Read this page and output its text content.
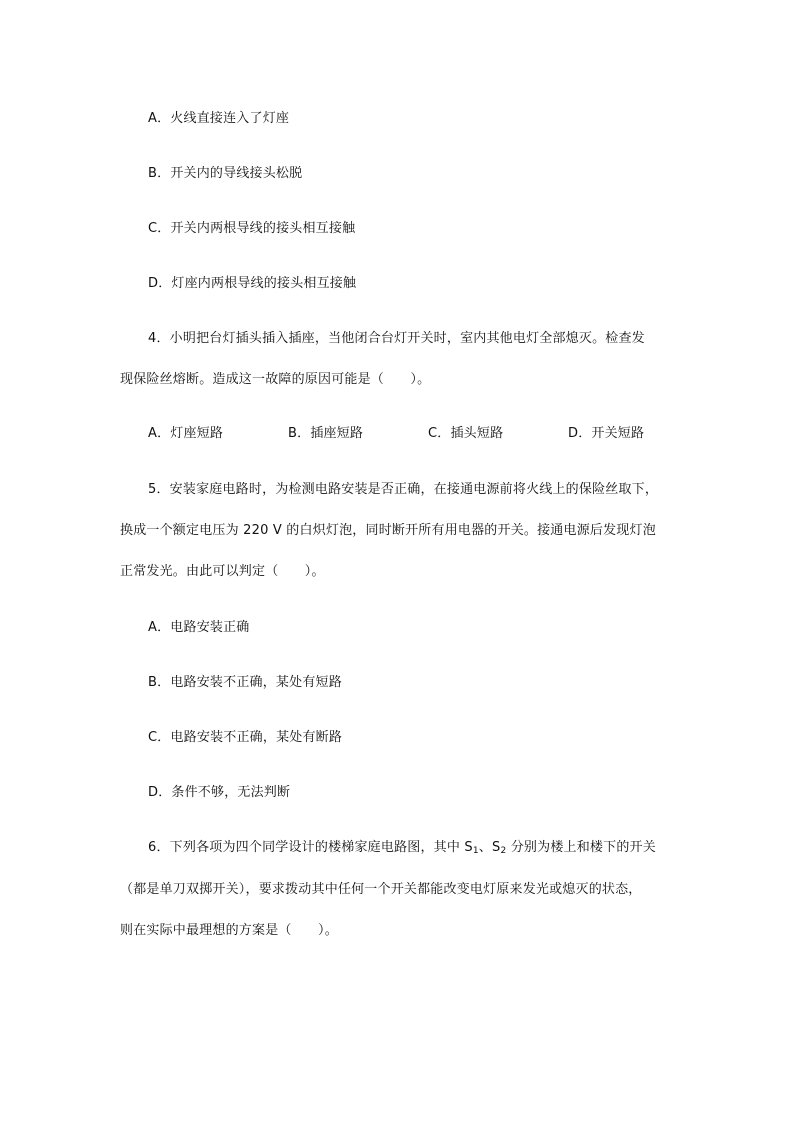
A．火线直接连入了灯座
B．开关内的导线接头松脱
C．开关内两根导线的接头相互接触
D．灯座内两根导线的接头相互接触
4．小明把台灯插头插入插座，当他闭合台灯开关时，室内其他电灯全部熄灭。检查发
现保险丝熔断。造成这一故障的原因可能是（　　）。
A．灯座短路	B．插座短路	C．插头短路	D．开关短路
5．安装家庭电路时，为检测电路安装是否正确，在接通电源前将火线上的保险丝取下，
换成一个额定电压为 220 V 的白炽灯泡，同时断开所有用电器的开关。接通电源后发现灯泡
正常发光。由此可以判定（　　）。
A．电路安装正确
B．电路安装不正确，某处有短路
C．电路安装不正确，某处有断路
D．条件不够，无法判断
6．下列各项为四个同学设计的楼梯家庭电路图，其中 $S_1$、$S_2$ 分别为楼上和楼下的开关
（都是单刀双掷开关），要求拨动其中任何一个开关都能改变电灯原来发光或熄灭的状态，
则在实际中最理想的方案是（　　）。
